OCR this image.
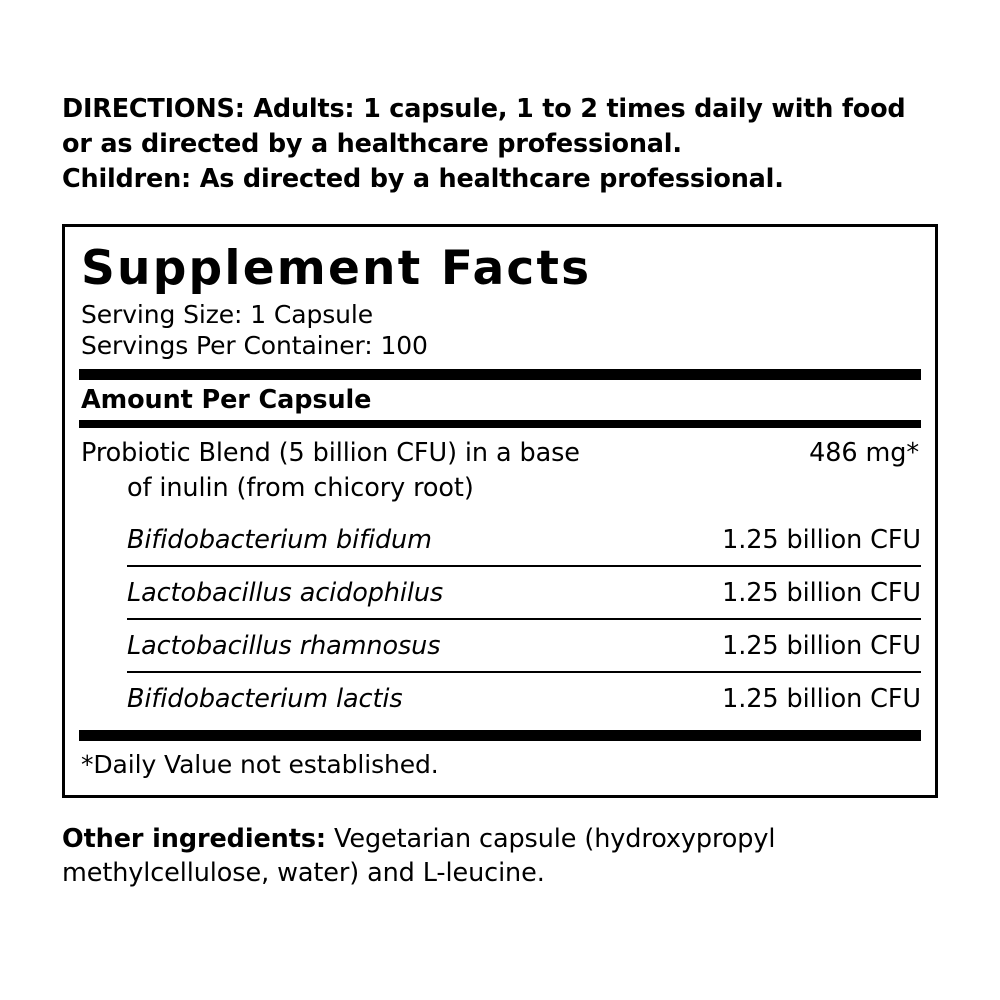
DIRECTIONS: Adults: 1 capsule, 1 to 2 times daily with food
or as directed by a healthcare professional.
Children: As directed by a healthcare professional.
Supplement Facts
Serving Size: 1 Capsule
Servings Per Container: 100
Amount Per Capsule
Probiotic Blend (5 billion CFU) in a base
of inulin (from chicory root)
486 mg*
Bifidobacterium bifidum	1.25 billion CFU
Lactobacillus acidophilus	1.25 billion CFU
Lactobacillus rhamnosus	1.25 billion CFU
Bifidobacterium lactis	1.25 billion CFU
*Daily Value not established.
Other ingredients: Vegetarian capsule (hydroxypropyl methylcellulose, water) and L-leucine.
